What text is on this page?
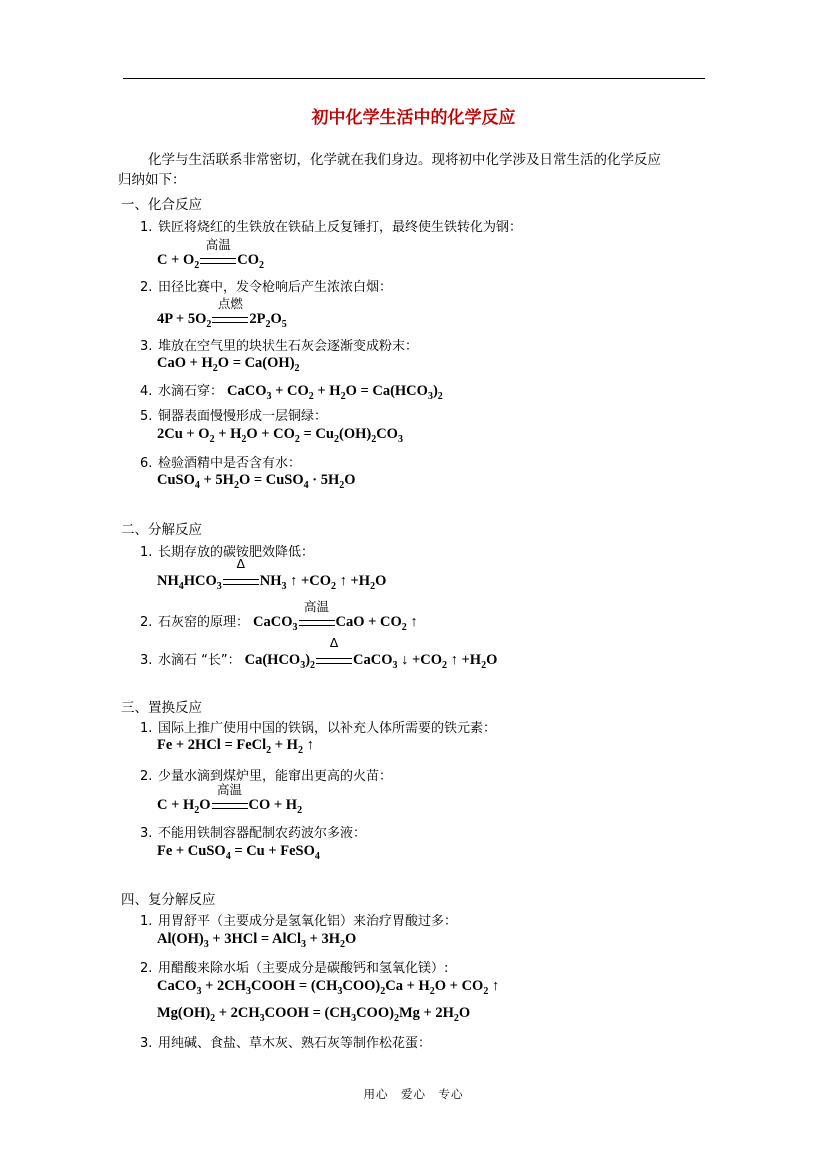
初中化学生活中的化学反应
化学与生活联系非常密切，化学就在我们身边。现将初中化学涉及日常生活的化学反应
归纳如下：
一、化合反应
1. 铁匠将烧红的生铁放在铁砧上反复锤打，最终使生铁转化为钢：
$C + O_2$
高温
$CO_2$
2. 田径比赛中，发令枪响后产生浓浓白烟：
$4P + 5O_2$
点燃
$2P_2O_5$
3. 堆放在空气里的块状生石灰会逐渐变成粉末：
CaO + $H_2O = Ca(OH)_2$
4. 水滴石穿： CaCO$_3$ + $CO_2 + H_2O = Ca(HCO_3)_2$
5. 铜器表面慢慢形成一层铜绿：
$2Cu + O_2 + H_2O + CO_2 = Cu_2(OH)_2CO_3$
6. 检验酒精中是否含有水：
CuSO$_4$ + $5H_2O$ = CuSO$_4$ · $5H_2O$
二、分解反应
1. 长期存放的碳铵肥效降低：
$NH_4HCO_3$
Δ
$NH_3$ ↑ $+CO_2$ ↑ $+H_2O$
2. 石灰窑的原理： CaCO$_3$
高温
CaO + $CO_2$ ↑
3. 水滴石 “长”： $Ca(HCO_3)_2$
Δ
CaCO$_3$ ↓ $+CO_2$ ↑ $+H_2O$
三、置换反应
1. 国际上推广使用中国的铁锅，以补充人体所需要的铁元素：
Fe + 2HCl = FeCl$_2$ + $H_2$ ↑
2. 少量水滴到煤炉里，能窜出更高的火苗：
$C + H_2O$
高温
CO + $H_2$
3. 不能用铁制容器配制农药波尔多液：
Fe + CuSO$_4$ = Cu + FeSO$_4$
四、复分解反应
1. 用胃舒平（主要成分是氢氧化铝）来治疗胃酸过多：
$Al(OH)_3 + 3HCl$ = AlCl$_3$ + $3H_2O$
2. 用醋酸来除水垢（主要成分是碳酸钙和氢氧化镁）:
CaCO$_3$ + $2CH_3COOH = (CH_3COO)_2Ca + H_2O + CO_2$ ↑
$Mg(OH)_2$ + $2CH_3COOH = (CH_3COO)_2Mg + 2H_2O$
3. 用纯碱、食盐、草木灰、熟石灰等制作松花蛋：
用心　爱心　专心
